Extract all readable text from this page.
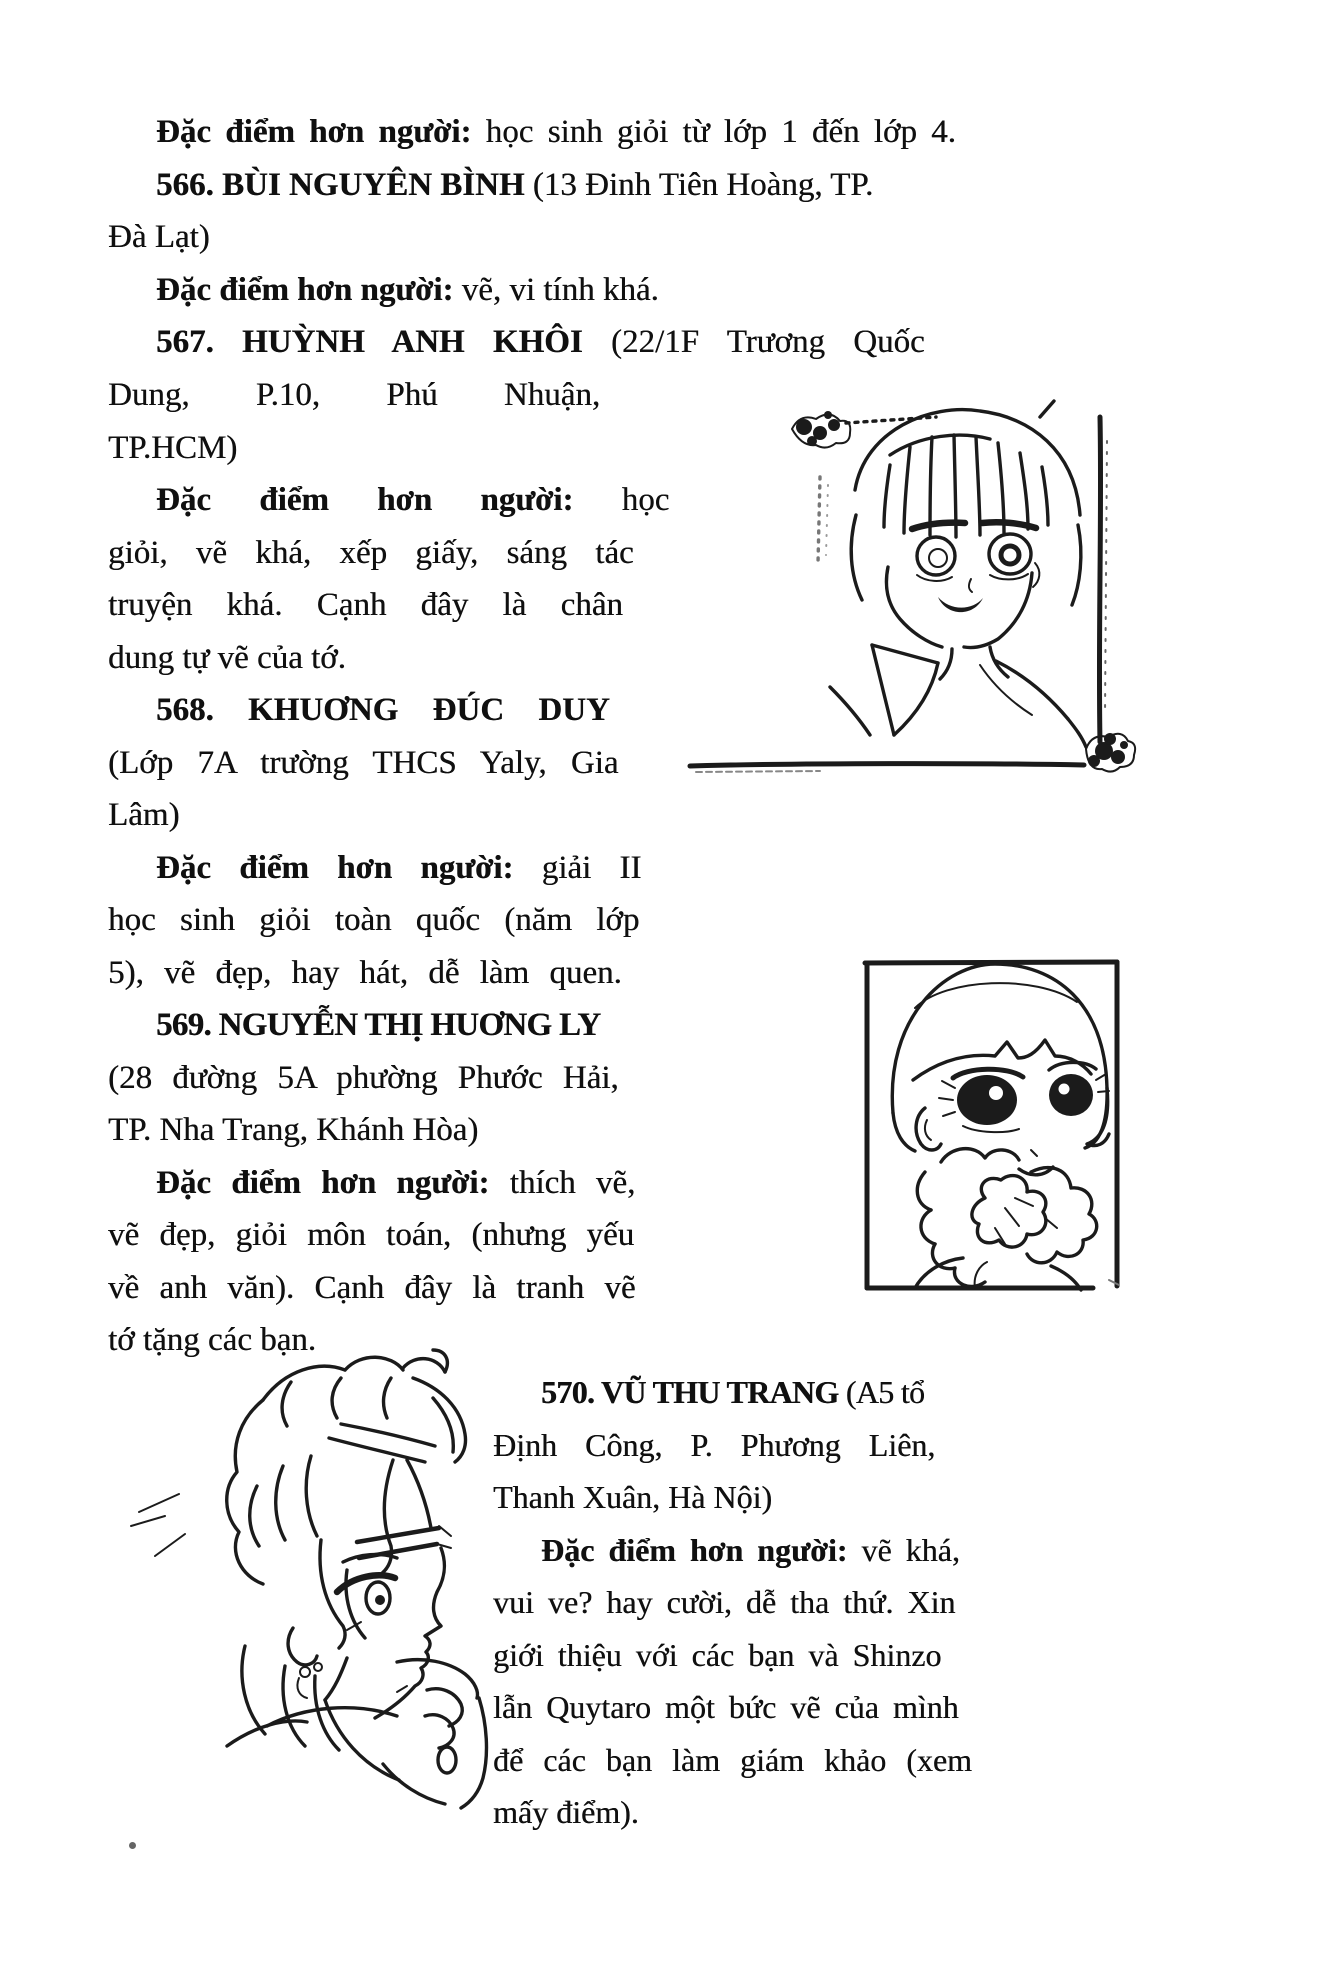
Đặc điểm hơn người: học sinh giỏi từ lớp 1 đến lớp 4.
566. BÙI NGUYÊN BÌNH (13 Đinh Tiên Hoàng, TP.
Đà Lạt)
Đặc điểm hơn người: vẽ, vi tính khá.
567. HUỲNH ANH KHÔI (22/1F Trương Quốc
Dung, P.10, Phú Nhuận,
TP.HCM)
Đặc điểm hơn người: học
giỏi, vẽ khá, xếp giấy, sáng tác
truyện khá. Cạnh đây là chân
dung tự vẽ của tớ.
568. KHUƠNG ĐÚC DUY
(Lớp 7A trường THCS Yaly, Gia
Lâm)
Đặc điểm hơn người: giải II
học sinh giỏi toàn quốc (năm lớp
5), vẽ đẹp, hay hát, dễ làm quen.
569. NGUYỄN THỊ HUƠNG LY
(28 đường 5A phường Phước Hải,
TP. Nha Trang, Khánh Hòa)
Đặc điểm hơn người: thích vẽ,
vẽ đẹp, giỏi môn toán, (nhưng yếu
về anh văn). Cạnh đây là tranh vẽ
tớ tặng các bạn.
570. VŨ THU TRANG (A5 tổ
Định Công, P. Phương Liên,
Thanh Xuân, Hà Nội)
Đặc điểm hơn người: vẽ khá,
vui ve? hay cười, dễ tha thứ. Xin
giới thiệu với các bạn và Shinzo
lẫn Quytaro một bức vẽ của mình
để các bạn làm giám khảo (xem
mấy điểm).
